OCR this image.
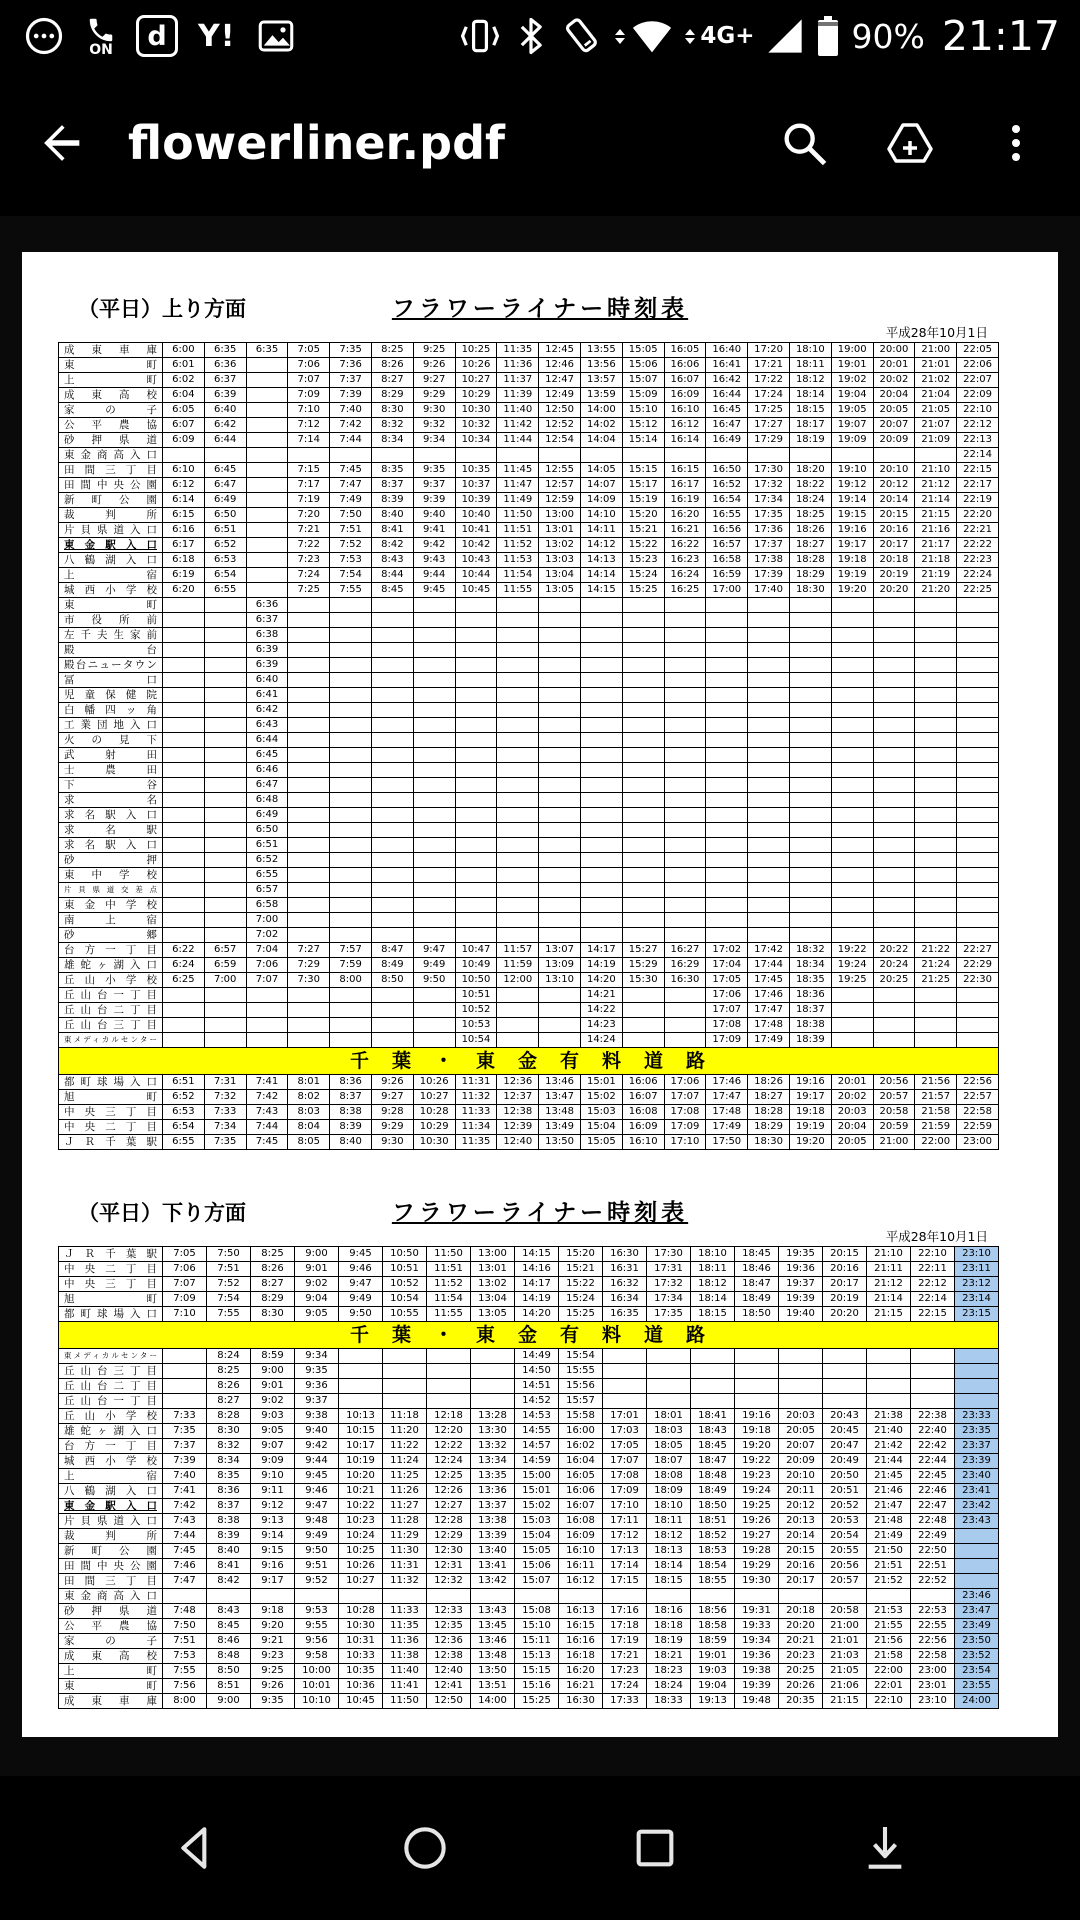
ON	d	Y!	4G+	90% 21:17
flowerliner.pdf
（平日）上り方面	フラワーライナー時刻表
平成28年10月1日
成東車庫	6:00	6:35	6:35	7:05	7:35	8:25	9:25	10:25	11:35	12:45	13:55	15:05	16:05	16:40	17:20	18:10	19:00	20:00	21:00	22:05
東町	6:01	6:36		7:06	7:36	8:26	9:26	10:26	11:36	12:46	13:56	15:06	16:06	16:41	17:21	18:11	19:01	20:01	21:01	22:06
上町	6:02	6:37		7:07	7:37	8:27	9:27	10:27	11:37	12:47	13:57	15:07	16:07	16:42	17:22	18:12	19:02	20:02	21:02	22:07
成東高校	6:04	6:39		7:09	7:39	8:29	9:29	10:29	11:39	12:49	13:59	15:09	16:09	16:44	17:24	18:14	19:04	20:04	21:04	22:09
家の子	6:05	6:40		7:10	7:40	8:30	9:30	10:30	11:40	12:50	14:00	15:10	16:10	16:45	17:25	18:15	19:05	20:05	21:05	22:10
公平農協	6:07	6:42		7:12	7:42	8:32	9:32	10:32	11:42	12:52	14:02	15:12	16:12	16:47	17:27	18:17	19:07	20:07	21:07	22:12
砂押県道	6:09	6:44		7:14	7:44	8:34	9:34	10:34	11:44	12:54	14:04	15:14	16:14	16:49	17:29	18:19	19:09	20:09	21:09	22:13
東金商高入口																				22:14
田間三丁目	6:10	6:45		7:15	7:45	8:35	9:35	10:35	11:45	12:55	14:05	15:15	16:15	16:50	17:30	18:20	19:10	20:10	21:10	22:15
田間中央公園	6:12	6:47		7:17	7:47	8:37	9:37	10:37	11:47	12:57	14:07	15:17	16:17	16:52	17:32	18:22	19:12	20:12	21:12	22:17
新町公園	6:14	6:49		7:19	7:49	8:39	9:39	10:39	11:49	12:59	14:09	15:19	16:19	16:54	17:34	18:24	19:14	20:14	21:14	22:19
裁判所	6:15	6:50		7:20	7:50	8:40	9:40	10:40	11:50	13:00	14:10	15:20	16:20	16:55	17:35	18:25	19:15	20:15	21:15	22:20
片貝県道入口	6:16	6:51		7:21	7:51	8:41	9:41	10:41	11:51	13:01	14:11	15:21	16:21	16:56	17:36	18:26	19:16	20:16	21:16	22:21
東金駅入口	6:17	6:52		7:22	7:52	8:42	9:42	10:42	11:52	13:02	14:12	15:22	16:22	16:57	17:37	18:27	19:17	20:17	21:17	22:22
八鶴湖入口	6:18	6:53		7:23	7:53	8:43	9:43	10:43	11:53	13:03	14:13	15:23	16:23	16:58	17:38	18:28	19:18	20:18	21:18	22:23
上宿	6:19	6:54		7:24	7:54	8:44	9:44	10:44	11:54	13:04	14:14	15:24	16:24	16:59	17:39	18:29	19:19	20:19	21:19	22:24
城西小学校	6:20	6:55		7:25	7:55	8:45	9:45	10:45	11:55	13:05	14:15	15:25	16:25	17:00	17:40	18:30	19:20	20:20	21:20	22:25
東町			6:36																	
市役所前			6:37																	
左千夫生家前			6:38																	
殿台			6:39																	
殿台ニュータウン			6:39																	
冨口			6:40																	
児童保健院			6:41																	
白幡四ッ角			6:42																	
工業団地入口			6:43																	
火の見下			6:44																	
武射田			6:45																	
士農田			6:46																	
下谷			6:47																	
求名			6:48																	
求名駅入口			6:49																	
求名駅			6:50																	
求名駅入口			6:51																	
砂押			6:52																	
東中学校			6:55																	
片貝県道交差点			6:57																	
東金中学校			6:58																	
南上宿			7:00																	
砂郷			7:02																	
台方一丁目	6:22	6:57	7:04	7:27	7:57	8:47	9:47	10:47	11:57	13:07	14:17	15:27	16:27	17:02	17:42	18:32	19:22	20:22	21:22	22:27
雄蛇ヶ湖入口	6:24	6:59	7:06	7:29	7:59	8:49	9:49	10:49	11:59	13:09	14:19	15:29	16:29	17:04	17:44	18:34	19:24	20:24	21:24	22:29
丘山小学校	6:25	7:00	7:07	7:30	8:00	8:50	9:50	10:50	12:00	13:10	14:20	15:30	16:30	17:05	17:45	18:35	19:25	20:25	21:25	22:30
丘山台一丁目								10:51			14:21			17:06	17:46	18:36				
丘山台二丁目								10:52			14:22			17:07	17:47	18:37				
丘山台三丁目								10:53			14:23			17:08	17:48	18:38				
東メディカルセンター								10:54			14:24			17:09	17:49	18:39				
千　葉　・　東　金　有　料　道　路																				
都町球場入口	6:51	7:31	7:41	8:01	8:36	9:26	10:26	11:31	12:36	13:46	15:01	16:06	17:06	17:46	18:26	19:16	20:01	20:56	21:56	22:56
旭町	6:52	7:32	7:42	8:02	8:37	9:27	10:27	11:32	12:37	13:47	15:02	16:07	17:07	17:47	18:27	19:17	20:02	20:57	21:57	22:57
中央三丁目	6:53	7:33	7:43	8:03	8:38	9:28	10:28	11:33	12:38	13:48	15:03	16:08	17:08	17:48	18:28	19:18	20:03	20:58	21:58	22:58
中央二丁目	6:54	7:34	7:44	8:04	8:39	9:29	10:29	11:34	12:39	13:49	15:04	16:09	17:09	17:49	18:29	19:19	20:04	20:59	21:59	22:59
ＪＲ千葉駅	6:55	7:35	7:45	8:05	8:40	9:30	10:30	11:35	12:40	13:50	15:05	16:10	17:10	17:50	18:30	19:20	20:05	21:00	22:00	23:00
（平日）下り方面	フラワーライナー時刻表
平成28年10月1日
ＪＲ千葉駅	7:05	7:50	8:25	9:00	9:45	10:50	11:50	13:00	14:15	15:20	16:30	17:30	18:10	18:45	19:35	20:15	21:10	22:10	23:10
中央二丁目	7:06	7:51	8:26	9:01	9:46	10:51	11:51	13:01	14:16	15:21	16:31	17:31	18:11	18:46	19:36	20:16	21:11	22:11	23:11
中央三丁目	7:07	7:52	8:27	9:02	9:47	10:52	11:52	13:02	14:17	15:22	16:32	17:32	18:12	18:47	19:37	20:17	21:12	22:12	23:12
旭町	7:09	7:54	8:29	9:04	9:49	10:54	11:54	13:04	14:19	15:24	16:34	17:34	18:14	18:49	19:39	20:19	21:14	22:14	23:14
都町球場入口	7:10	7:55	8:30	9:05	9:50	10:55	11:55	13:05	14:20	15:25	16:35	17:35	18:15	18:50	19:40	20:20	21:15	22:15	23:15
千　葉　・　東　金　有　料　道　路																			
東メディカルセンター		8:24	8:59	9:34					14:49	15:54									
丘山台三丁目		8:25	9:00	9:35					14:50	15:55									
丘山台二丁目		8:26	9:01	9:36					14:51	15:56									
丘山台一丁目		8:27	9:02	9:37					14:52	15:57									
丘山小学校	7:33	8:28	9:03	9:38	10:13	11:18	12:18	13:28	14:53	15:58	17:01	18:01	18:41	19:16	20:03	20:43	21:38	22:38	23:33
雄蛇ヶ湖入口	7:35	8:30	9:05	9:40	10:15	11:20	12:20	13:30	14:55	16:00	17:03	18:03	18:43	19:18	20:05	20:45	21:40	22:40	23:35
台方一丁目	7:37	8:32	9:07	9:42	10:17	11:22	12:22	13:32	14:57	16:02	17:05	18:05	18:45	19:20	20:07	20:47	21:42	22:42	23:37
城西小学校	7:39	8:34	9:09	9:44	10:19	11:24	12:24	13:34	14:59	16:04	17:07	18:07	18:47	19:22	20:09	20:49	21:44	22:44	23:39
上宿	7:40	8:35	9:10	9:45	10:20	11:25	12:25	13:35	15:00	16:05	17:08	18:08	18:48	19:23	20:10	20:50	21:45	22:45	23:40
八鶴湖入口	7:41	8:36	9:11	9:46	10:21	11:26	12:26	13:36	15:01	16:06	17:09	18:09	18:49	19:24	20:11	20:51	21:46	22:46	23:41
東金駅入口	7:42	8:37	9:12	9:47	10:22	11:27	12:27	13:37	15:02	16:07	17:10	18:10	18:50	19:25	20:12	20:52	21:47	22:47	23:42
片貝県道入口	7:43	8:38	9:13	9:48	10:23	11:28	12:28	13:38	15:03	16:08	17:11	18:11	18:51	19:26	20:13	20:53	21:48	22:48	23:43
裁判所	7:44	8:39	9:14	9:49	10:24	11:29	12:29	13:39	15:04	16:09	17:12	18:12	18:52	19:27	20:14	20:54	21:49	22:49	
新町公園	7:45	8:40	9:15	9:50	10:25	11:30	12:30	13:40	15:05	16:10	17:13	18:13	18:53	19:28	20:15	20:55	21:50	22:50	
田間中央公園	7:46	8:41	9:16	9:51	10:26	11:31	12:31	13:41	15:06	16:11	17:14	18:14	18:54	19:29	20:16	20:56	21:51	22:51	
田間三丁目	7:47	8:42	9:17	9:52	10:27	11:32	12:32	13:42	15:07	16:12	17:15	18:15	18:55	19:30	20:17	20:57	21:52	22:52	
東金商高入口																			23:46
砂押県道	7:48	8:43	9:18	9:53	10:28	11:33	12:33	13:43	15:08	16:13	17:16	18:16	18:56	19:31	20:18	20:58	21:53	22:53	23:47
公平農協	7:50	8:45	9:20	9:55	10:30	11:35	12:35	13:45	15:10	16:15	17:18	18:18	18:58	19:33	20:20	21:00	21:55	22:55	23:49
家の子	7:51	8:46	9:21	9:56	10:31	11:36	12:36	13:46	15:11	16:16	17:19	18:19	18:59	19:34	20:21	21:01	21:56	22:56	23:50
成東高校	7:53	8:48	9:23	9:58	10:33	11:38	12:38	13:48	15:13	16:18	17:21	18:21	19:01	19:36	20:23	21:03	21:58	22:58	23:52
上町	7:55	8:50	9:25	10:00	10:35	11:40	12:40	13:50	15:15	16:20	17:23	18:23	19:03	19:38	20:25	21:05	22:00	23:00	23:54
東町	7:56	8:51	9:26	10:01	10:36	11:41	12:41	13:51	15:16	16:21	17:24	18:24	19:04	19:39	20:26	21:06	22:01	23:01	23:55
成東車庫	8:00	9:00	9:35	10:10	10:45	11:50	12:50	14:00	15:25	16:30	17:33	18:33	19:13	19:48	20:35	21:15	22:10	23:10	24:00
